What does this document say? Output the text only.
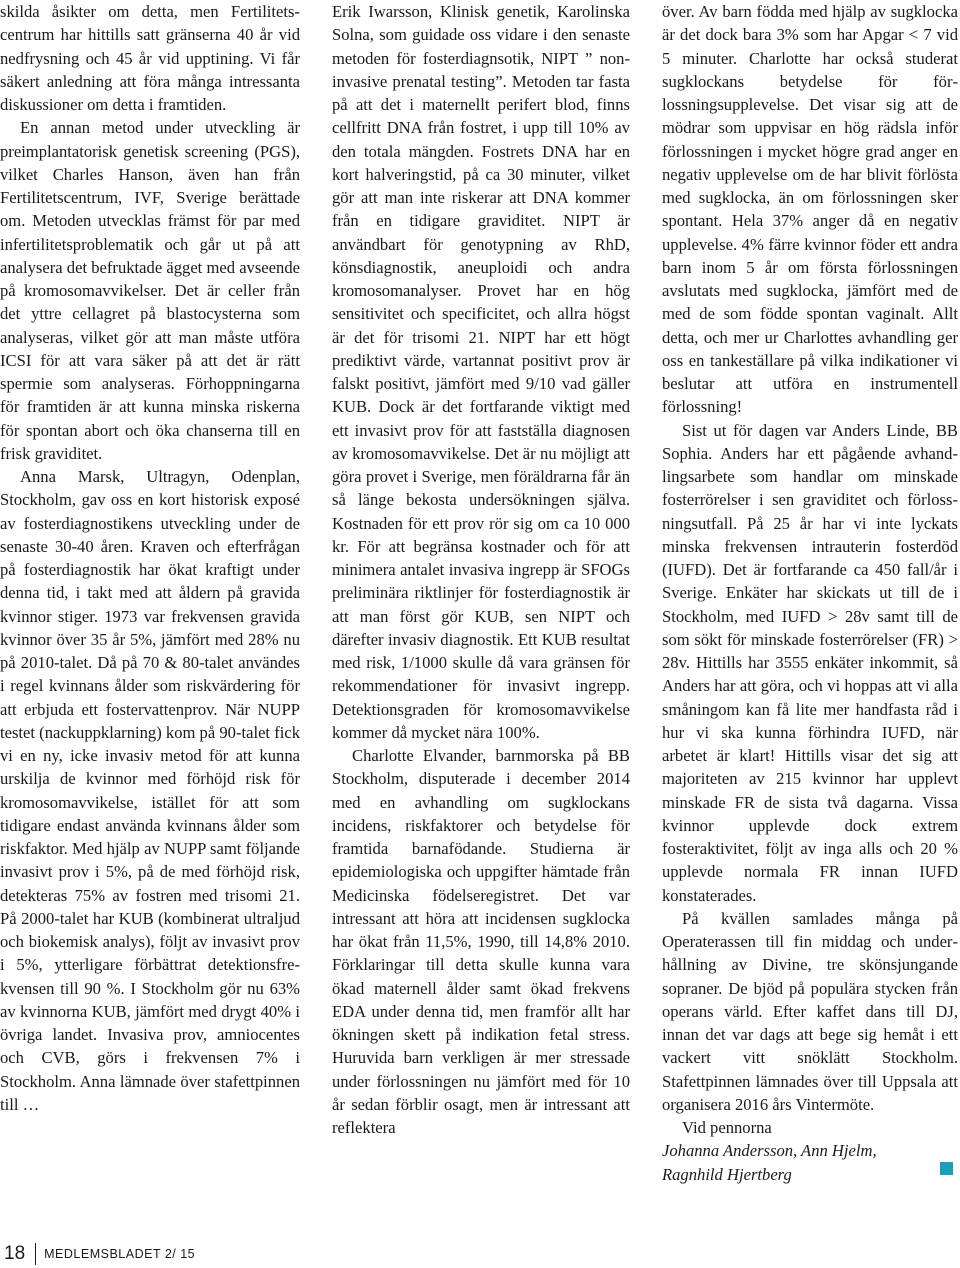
skilda åsikter om detta, men Fertilitetscentrum har hittills satt gränserna 40 år vid nedfrysning och 45 år vid upptining. Vi får säkert anledning att föra många intressanta diskussioner om detta i framtiden.

En annan metod under utveckling är preimplantatorisk genetisk screening (PGS), vilket Charles Hanson, även han från Fertilitetscentrum, IVF, Sverige berättade om. Metoden utvecklas främst för par med infertilitetsproblematik och går ut på att analysera det befruktade ägget med avseende på kromosomavvikelser. Det är celler från det yttre cellagret på blastocysterna som analyseras, vilket gör att man måste utföra ICSI för att vara säker på att det är rätt spermie som analyseras. Förhoppningarna för framtiden är att kunna minska riskerna för spontan abort och öka chanserna till en frisk graviditet.

Anna Marsk, Ultragyn, Odenplan, Stockholm, gav oss en kort historisk exposé av fosterdiagnostikens utveckling under de senaste 30-40 åren. Kraven och efterfrågan på fosterdiagnostik har ökat kraftigt under denna tid, i takt med att åldern på gravida kvinnor stiger. 1973 var frekvensen gravida kvinnor över 35 år 5%, jämfört med 28% nu på 2010-talet. Då på 70 & 80-talet användes i regel kvinnans ålder som riskvärdering för att erbjuda ett fostervattenprov. När NUPP testet (nackuppklarning) kom på 90-talet fick vi en ny, icke invasiv metod för att kunna urskilja de kvinnor med förhöjd risk för kromosomavvikelse, istället för att som tidigare endast använda kvinnans ålder som riskfaktor. Med hjälp av NUPP samt följande invasivt prov i 5%, på de med förhöjd risk, detekteras 75% av fostren med trisomi 21. På 2000-talet har KUB (kombinerat ultraljud och biokemisk analys), följt av invasivt prov i 5%, ytterligare förbättrat detektionsfrekvensen till 90 %. I Stockholm gör nu 63% av kvinnorna KUB, jämfört med drygt 40% i övriga landet. Invasiva prov, amniocentes och CVB, görs i frekvensen 7% i Stockholm. Anna lämnade över stafettpinnen till …

Erik Iwarsson, Klinisk genetik, Karolinska Solna, som guidade oss vidare i den senaste metoden för fosterdiagnsotik, NIPT ” non-invasive prenatal testing”. Metoden tar fasta på att det i maternellt perifert blod, finns cellfritt DNA från fostret, i upp till 10% av den totala mängden. Fostrets DNA har en kort halveringstid, på ca 30 minuter, vilket gör att man inte riskerar att DNA kommer från en tidigare graviditet. NIPT är användbart för genotypning av RhD, könsdiagnostik, aneuploidi och andra kromosomanalyser. Provet har en hög sensitivitet och specificitet, och allra högst är det för trisomi 21. NIPT har ett högt prediktivt värde, vartannat positivt prov är falskt positivt, jämfört med 9/10 vad gäller KUB. Dock är det fortfarande viktigt med ett invasivt prov för att fastställa diagnosen av kromosomavvikelse. Det är nu möjligt att göra provet i Sverige, men föräldrarna får än så länge bekosta undersökningen själva. Kostnaden för ett prov rör sig om ca 10 000 kr. För att begränsa kostnader och för att minimera antalet invasiva ingrepp är SFOGs preliminära riktlinjer för fosterdiagnostik är att man först gör KUB, sen NIPT och därefter invasiv diagnostik. Ett KUB resultat med risk, 1/1000 skulle då vara gränsen för rekommendationer för invasivt ingrepp. Detektionsgraden för kromosomavvikelse kommer då mycket nära 100%.

Charlotte Elvander, barnmorska på BB Stockholm, disputerade i december 2014 med en avhandling om sugklockans incidens, riskfaktorer och betydelse för framtida barnafödande. Studierna är epidemiologiska och uppgifter hämtade från Medicinska födelseregistret. Det var intressant att höra att incidensen sugklocka har ökat från 11,5%, 1990, till 14,8% 2010. Förklaringar till detta skulle kunna vara ökad maternell ålder samt ökad frekvens EDA under denna tid, men framför allt har ökningen skett på indikation fetal stress. Huruvida barn verkligen är mer stressade under förlossningen nu jämfört med för 10 år sedan förblir osagt, men är intressant att reflektera

över. Av barn födda med hjälp av sugklocka är det dock bara 3% som har Apgar < 7 vid 5 minuter. Charlotte har också studerat sugklockans betydelse för förlossningsupplevelse. Det visar sig att de mödrar som uppvisar en hög rädsla inför förlossningen i mycket högre grad anger en negativ upplevelse om de har blivit förlösta med sugklocka, än om förlossningen sker spontant. Hela 37% anger då en negativ upplevelse. 4% färre kvinnor föder ett andra barn inom 5 år om första förlossningen avslutats med sugklocka, jämfört med de med de som födde spontan vaginalt. Allt detta, och mer ur Charlottes avhandling ger oss en tankeställare på vilka indikationer vi beslutar att utföra en instrumentell förlossning!

Sist ut för dagen var Anders Linde, BB Sophia. Anders har ett pågående avhandlingsarbete som handlar om minskade fosterrörelser i sen graviditet och förlossningsutfall. På 25 år har vi inte lyckats minska frekvensen intrauterin fosterdöd (IUFD). Det är fortfarande ca 450 fall/år i Sverige. Enkäter har skickats ut till de i Stockholm, med IUFD > 28v samt till de som sökt för minskade fosterrörelser (FR) > 28v. Hittills har 3555 enkäter inkommit, så Anders har att göra, och vi hoppas att vi alla småningom kan få lite mer handfasta råd i hur vi ska kunna förhindra IUFD, när arbetet är klart! Hittills visar det sig att majoriteten av 215 kvinnor har upplevt minskade FR de sista två dagarna. Vissa kvinnor upplevde dock extrem fosteraktivitet, följt av inga alls och 20 % upplevde normala FR innan IUFD konstaterades.

På kvällen samlades många på Operaterassen till fin middag och underhållning av Divine, tre skönsjungande sopraner. De bjöd på populära stycken från operans värld. Efter kaffet dans till DJ, innan det var dags att bege sig hemåt i ett vackert vitt snöklätt Stockholm. Stafettpinnen lämnades över till Uppsala att organisera 2016 års Vintermöte.

Vid pennorna
Johanna Andersson, Ann Hjelm,
Ragnhild Hjertberg

18	MEDLEMSBLADET 2/ 15
